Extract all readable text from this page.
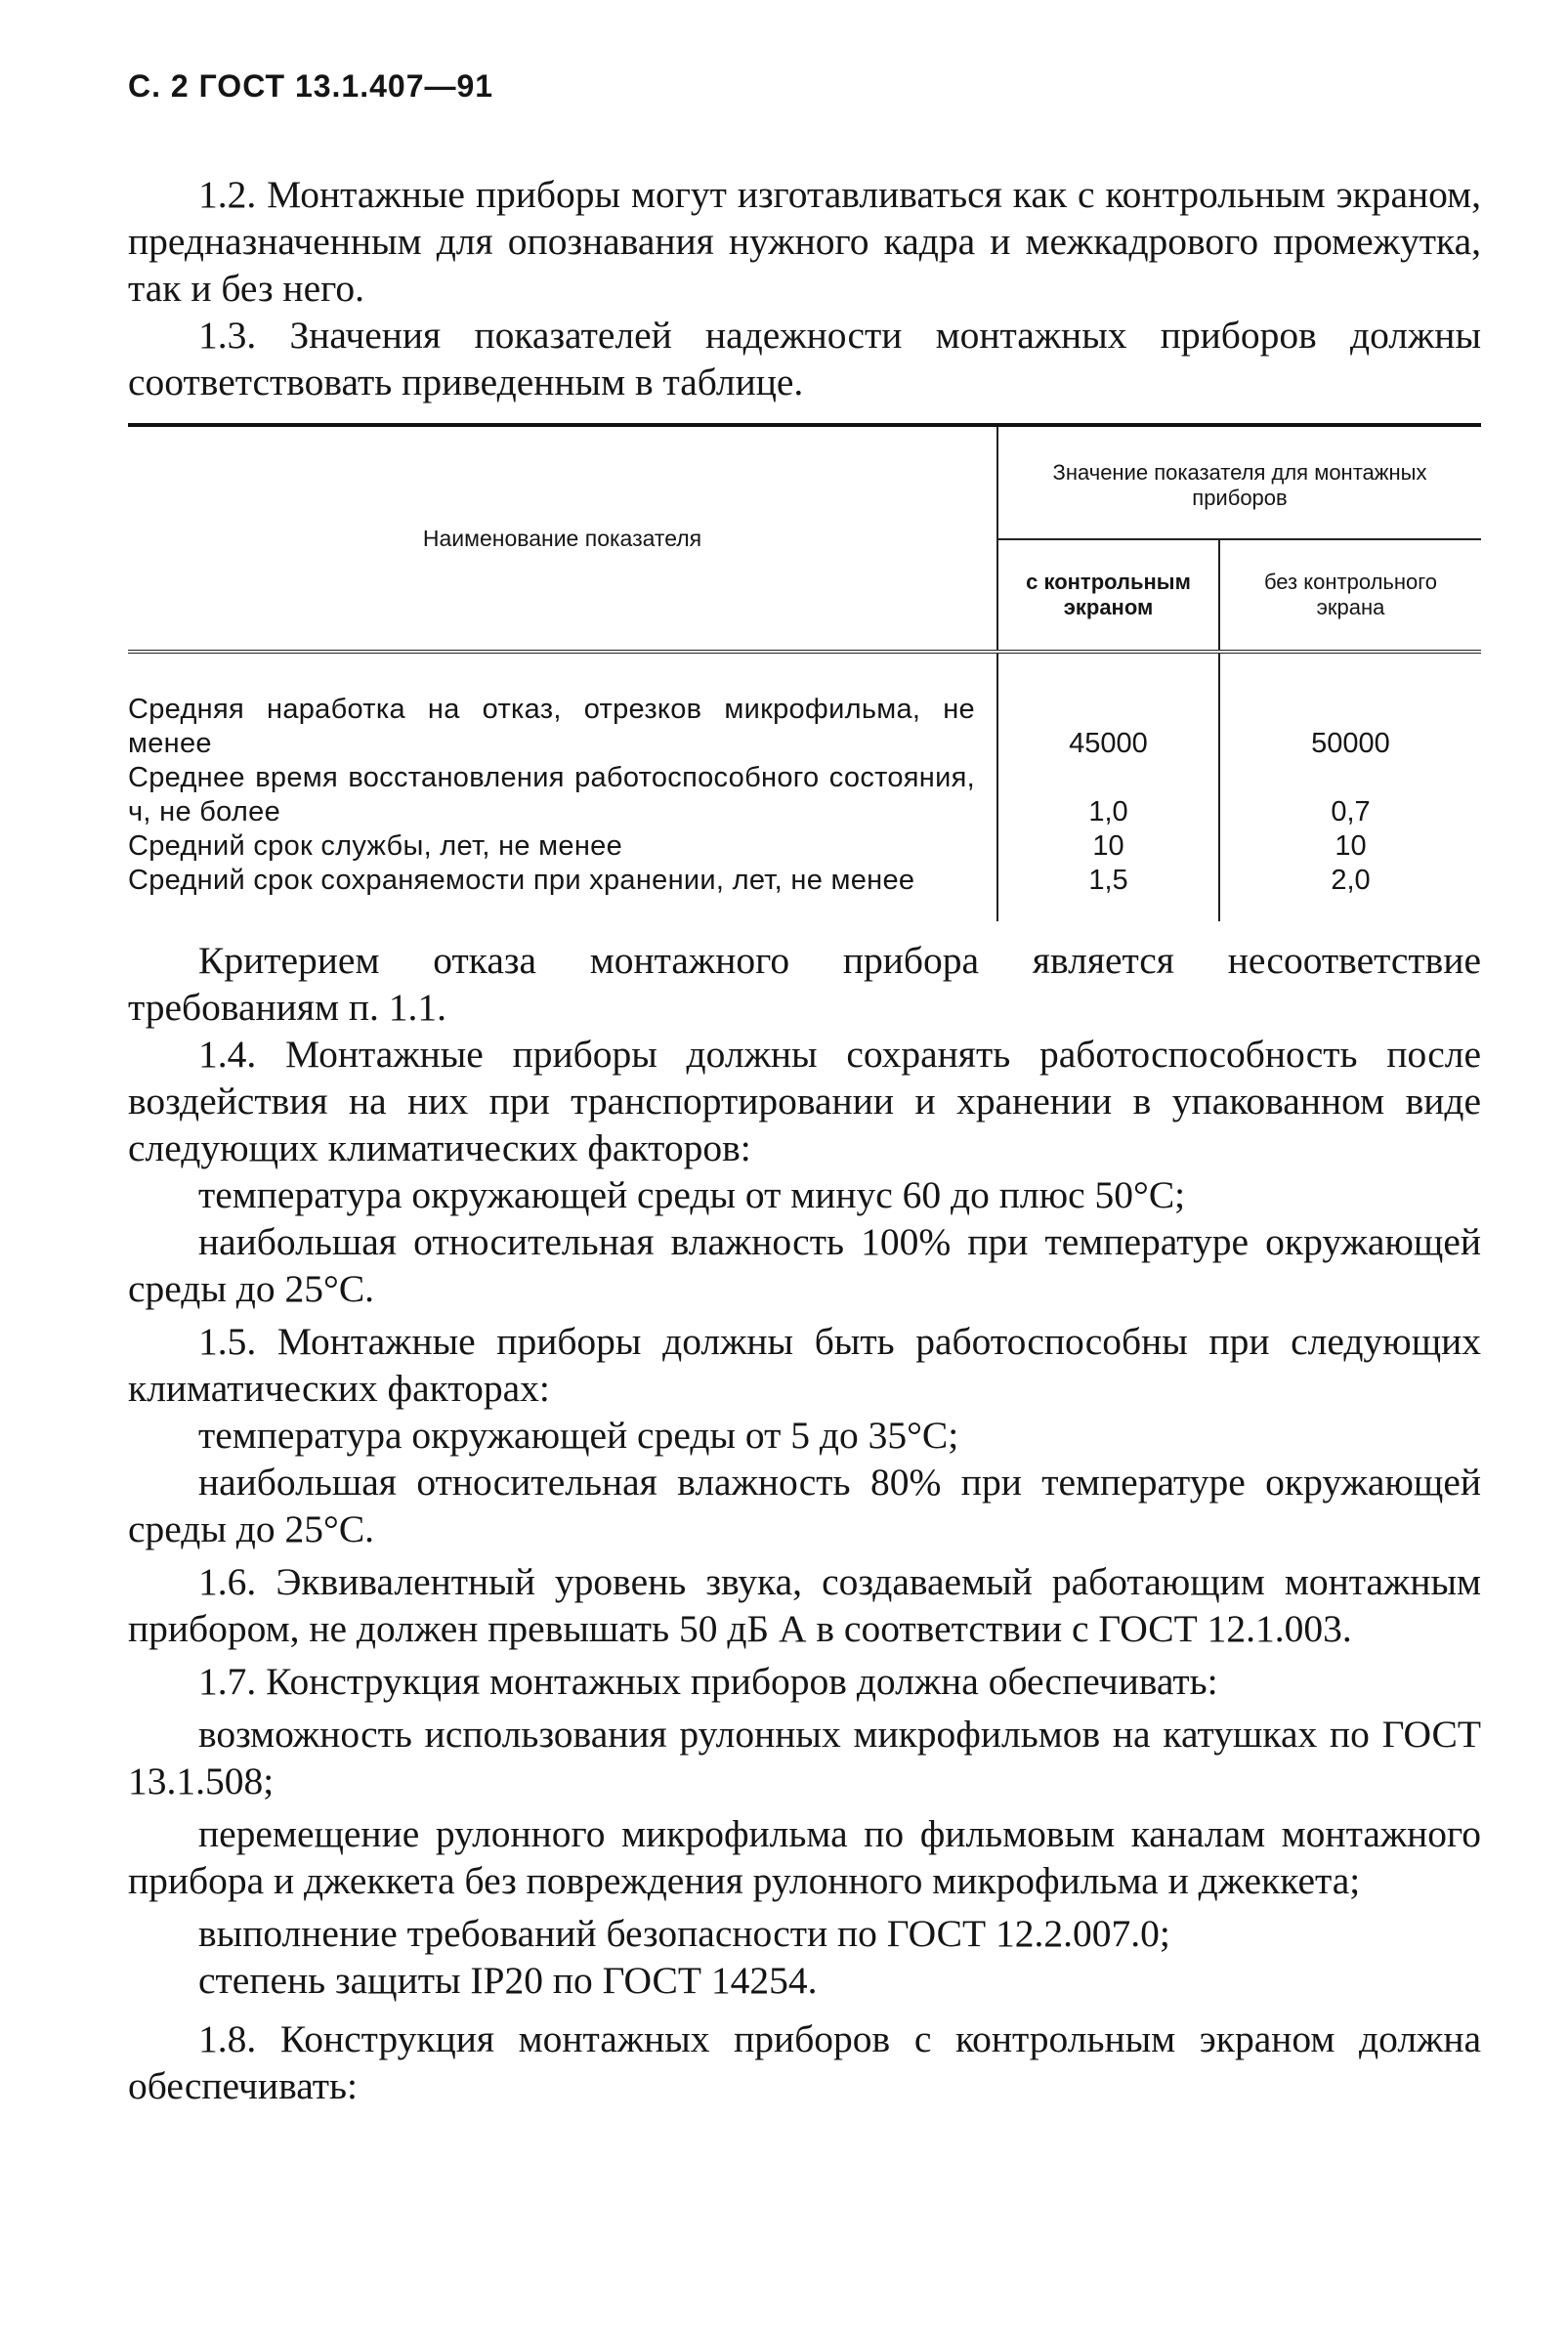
С. 2 ГОСТ 13.1.407—91

1.2. Монтажные приборы могут изготавливаться как с контрольным экраном, предназначенным для опознавания нужного кадра и межкадрового промежутка, так и без него.

1.3. Значения показателей надежности монтажных приборов должны соответствовать приведенным в таблице.

Наименование показателя	Значение показателя для монтажных приборов	
	с контрольным экраном	без контрольного экрана
Средняя наработка на отказ, отрезков микрофильма, не менее	45000	50000
Среднее время восстановления работоспособного состояния, ч, не более	1,0	0,7
Средний срок службы, лет, не менее	10	10
Средний срок сохраняемости при хранении, лет, не менее	1,5	2,0

Критерием отказа монтажного прибора является несоответствие требованиям п. 1.1.

1.4. Монтажные приборы должны сохранять работоспособность после воздействия на них при транспортировании и хранении в упакованном виде следующих климатических факторов:

температура окружающей среды от минус 60 до плюс 50°С;

наибольшая относительная влажность 100% при температуре окружающей среды до 25°С.

1.5. Монтажные приборы должны быть работоспособны при следующих климатических факторах:

температура окружающей среды от 5 до 35°С;

наибольшая относительная влажность 80% при температуре окружающей среды до 25°С.

1.6. Эквивалентный уровень звука, создаваемый работающим монтажным прибором, не должен превышать 50 дБ А в соответствии с ГОСТ 12.1.003.

1.7. Конструкция монтажных приборов должна обеспечивать:

возможность использования рулонных микрофильмов на катушках по ГОСТ 13.1.508;

перемещение рулонного микрофильма по фильмовым каналам монтажного прибора и джеккета без повреждения рулонного микрофильма и джеккета;

выполнение требований безопасности по ГОСТ 12.2.007.0;

степень защиты IP20 по ГОСТ 14254.

1.8. Конструкция монтажных приборов с контрольным экраном должна обеспечивать:
